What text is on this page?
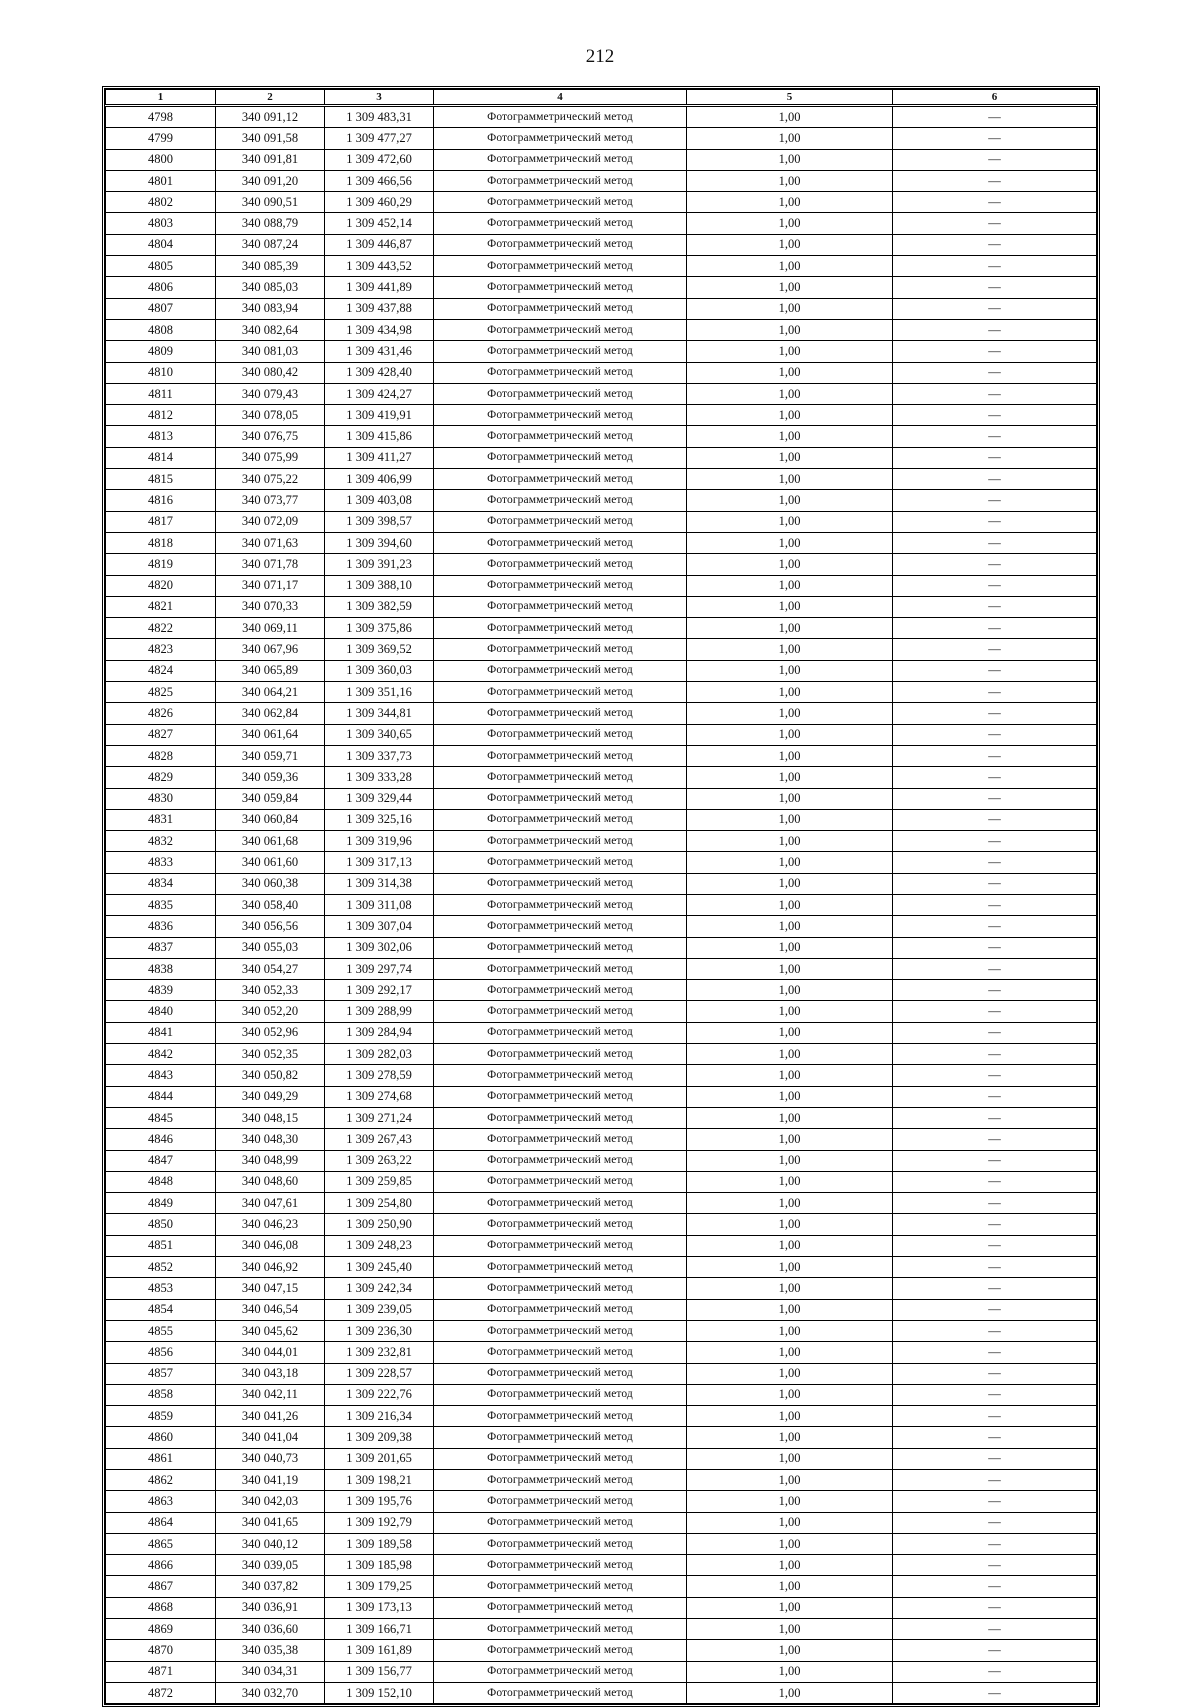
212
1	2	3	4	5	6
4798	340 091,12	1 309 483,31	Фотограмметрический метод	1,00	—
4799	340 091,58	1 309 477,27	Фотограмметрический метод	1,00	—
4800	340 091,81	1 309 472,60	Фотограмметрический метод	1,00	—
4801	340 091,20	1 309 466,56	Фотограмметрический метод	1,00	—
4802	340 090,51	1 309 460,29	Фотограмметрический метод	1,00	—
4803	340 088,79	1 309 452,14	Фотограмметрический метод	1,00	—
4804	340 087,24	1 309 446,87	Фотограмметрический метод	1,00	—
4805	340 085,39	1 309 443,52	Фотограмметрический метод	1,00	—
4806	340 085,03	1 309 441,89	Фотограмметрический метод	1,00	—
4807	340 083,94	1 309 437,88	Фотограмметрический метод	1,00	—
4808	340 082,64	1 309 434,98	Фотограмметрический метод	1,00	—
4809	340 081,03	1 309 431,46	Фотограмметрический метод	1,00	—
4810	340 080,42	1 309 428,40	Фотограмметрический метод	1,00	—
4811	340 079,43	1 309 424,27	Фотограмметрический метод	1,00	—
4812	340 078,05	1 309 419,91	Фотограмметрический метод	1,00	—
4813	340 076,75	1 309 415,86	Фотограмметрический метод	1,00	—
4814	340 075,99	1 309 411,27	Фотограмметрический метод	1,00	—
4815	340 075,22	1 309 406,99	Фотограмметрический метод	1,00	—
4816	340 073,77	1 309 403,08	Фотограмметрический метод	1,00	—
4817	340 072,09	1 309 398,57	Фотограмметрический метод	1,00	—
4818	340 071,63	1 309 394,60	Фотограмметрический метод	1,00	—
4819	340 071,78	1 309 391,23	Фотограмметрический метод	1,00	—
4820	340 071,17	1 309 388,10	Фотограмметрический метод	1,00	—
4821	340 070,33	1 309 382,59	Фотограмметрический метод	1,00	—
4822	340 069,11	1 309 375,86	Фотограмметрический метод	1,00	—
4823	340 067,96	1 309 369,52	Фотограмметрический метод	1,00	—
4824	340 065,89	1 309 360,03	Фотограмметрический метод	1,00	—
4825	340 064,21	1 309 351,16	Фотограмметрический метод	1,00	—
4826	340 062,84	1 309 344,81	Фотограмметрический метод	1,00	—
4827	340 061,64	1 309 340,65	Фотограмметрический метод	1,00	—
4828	340 059,71	1 309 337,73	Фотограмметрический метод	1,00	—
4829	340 059,36	1 309 333,28	Фотограмметрический метод	1,00	—
4830	340 059,84	1 309 329,44	Фотограмметрический метод	1,00	—
4831	340 060,84	1 309 325,16	Фотограмметрический метод	1,00	—
4832	340 061,68	1 309 319,96	Фотограмметрический метод	1,00	—
4833	340 061,60	1 309 317,13	Фотограмметрический метод	1,00	—
4834	340 060,38	1 309 314,38	Фотограмметрический метод	1,00	—
4835	340 058,40	1 309 311,08	Фотограмметрический метод	1,00	—
4836	340 056,56	1 309 307,04	Фотограмметрический метод	1,00	—
4837	340 055,03	1 309 302,06	Фотограмметрический метод	1,00	—
4838	340 054,27	1 309 297,74	Фотограмметрический метод	1,00	—
4839	340 052,33	1 309 292,17	Фотограмметрический метод	1,00	—
4840	340 052,20	1 309 288,99	Фотограмметрический метод	1,00	—
4841	340 052,96	1 309 284,94	Фотограмметрический метод	1,00	—
4842	340 052,35	1 309 282,03	Фотограмметрический метод	1,00	—
4843	340 050,82	1 309 278,59	Фотограмметрический метод	1,00	—
4844	340 049,29	1 309 274,68	Фотограмметрический метод	1,00	—
4845	340 048,15	1 309 271,24	Фотограмметрический метод	1,00	—
4846	340 048,30	1 309 267,43	Фотограмметрический метод	1,00	—
4847	340 048,99	1 309 263,22	Фотограмметрический метод	1,00	—
4848	340 048,60	1 309 259,85	Фотограмметрический метод	1,00	—
4849	340 047,61	1 309 254,80	Фотограмметрический метод	1,00	—
4850	340 046,23	1 309 250,90	Фотограмметрический метод	1,00	—
4851	340 046,08	1 309 248,23	Фотограмметрический метод	1,00	—
4852	340 046,92	1 309 245,40	Фотограмметрический метод	1,00	—
4853	340 047,15	1 309 242,34	Фотограмметрический метод	1,00	—
4854	340 046,54	1 309 239,05	Фотограмметрический метод	1,00	—
4855	340 045,62	1 309 236,30	Фотограмметрический метод	1,00	—
4856	340 044,01	1 309 232,81	Фотограмметрический метод	1,00	—
4857	340 043,18	1 309 228,57	Фотограмметрический метод	1,00	—
4858	340 042,11	1 309 222,76	Фотограмметрический метод	1,00	—
4859	340 041,26	1 309 216,34	Фотограмметрический метод	1,00	—
4860	340 041,04	1 309 209,38	Фотограмметрический метод	1,00	—
4861	340 040,73	1 309 201,65	Фотограмметрический метод	1,00	—
4862	340 041,19	1 309 198,21	Фотограмметрический метод	1,00	—
4863	340 042,03	1 309 195,76	Фотограмметрический метод	1,00	—
4864	340 041,65	1 309 192,79	Фотограмметрический метод	1,00	—
4865	340 040,12	1 309 189,58	Фотограмметрический метод	1,00	—
4866	340 039,05	1 309 185,98	Фотограмметрический метод	1,00	—
4867	340 037,82	1 309 179,25	Фотограмметрический метод	1,00	—
4868	340 036,91	1 309 173,13	Фотограмметрический метод	1,00	—
4869	340 036,60	1 309 166,71	Фотограмметрический метод	1,00	—
4870	340 035,38	1 309 161,89	Фотограмметрический метод	1,00	—
4871	340 034,31	1 309 156,77	Фотограмметрический метод	1,00	—
4872	340 032,70	1 309 152,10	Фотограмметрический метод	1,00	—
